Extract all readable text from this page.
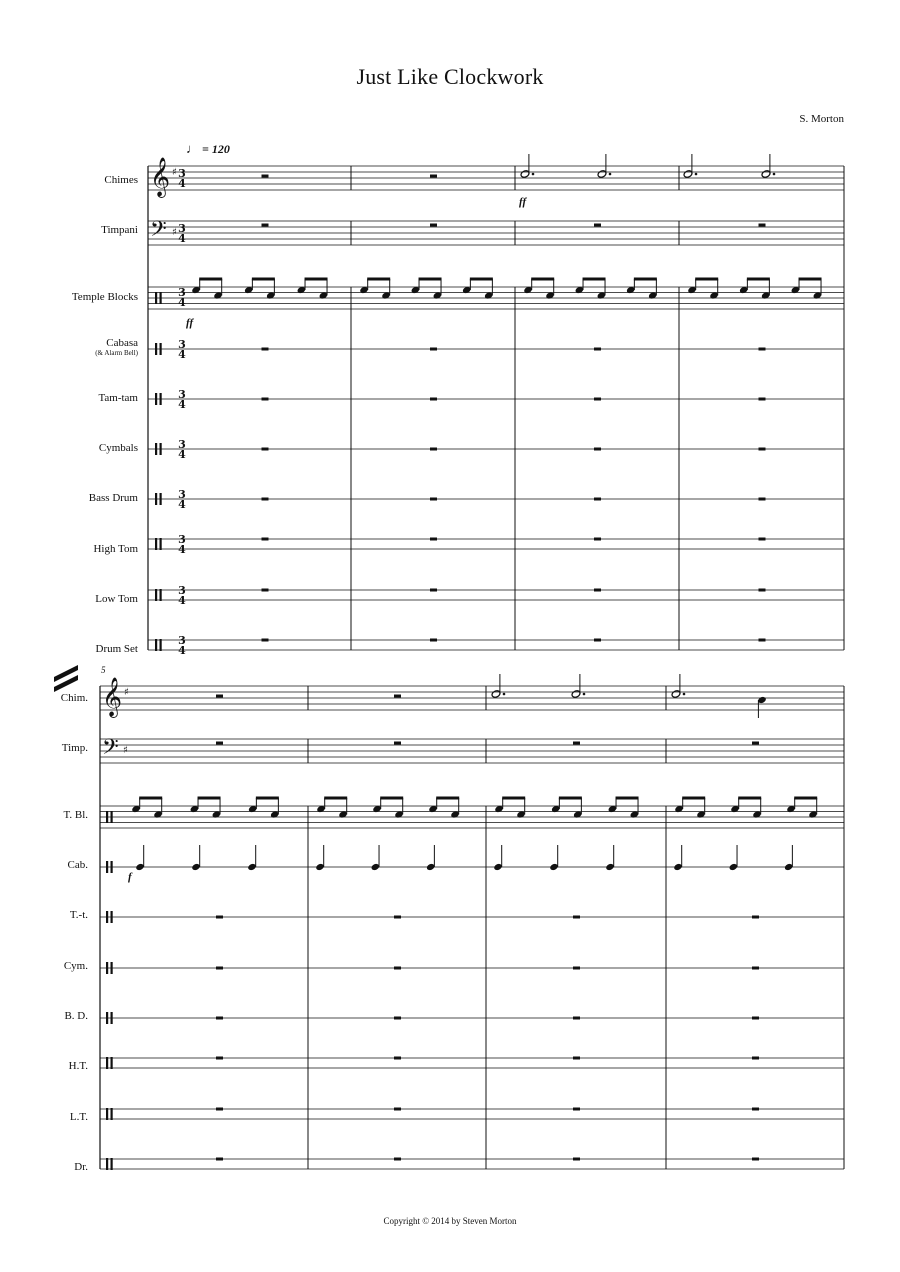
Just Like Clockwork
S. Morton
♩ = 120
Chimes
Timpani
Temple Blocks
Cabasa
(& Alarm Bell)
Tam-tam
Cymbals
Bass Drum
High Tom
Low Tom
Drum Set
Chim.
Timp.
T. Bl.
Cab.
T.-t.
Cym.
B. D.
H.T.
L.T.
Dr.
ff
ff
f
5
Copyright © 2014 by Steven Morton
𝄞 ♯ 3
4
𝄢 ♯ 3
4
3
4
3
4
3
4
3
4
3
4
3
4
3
4
3
4
𝄞 ♯
𝄢 ♯
